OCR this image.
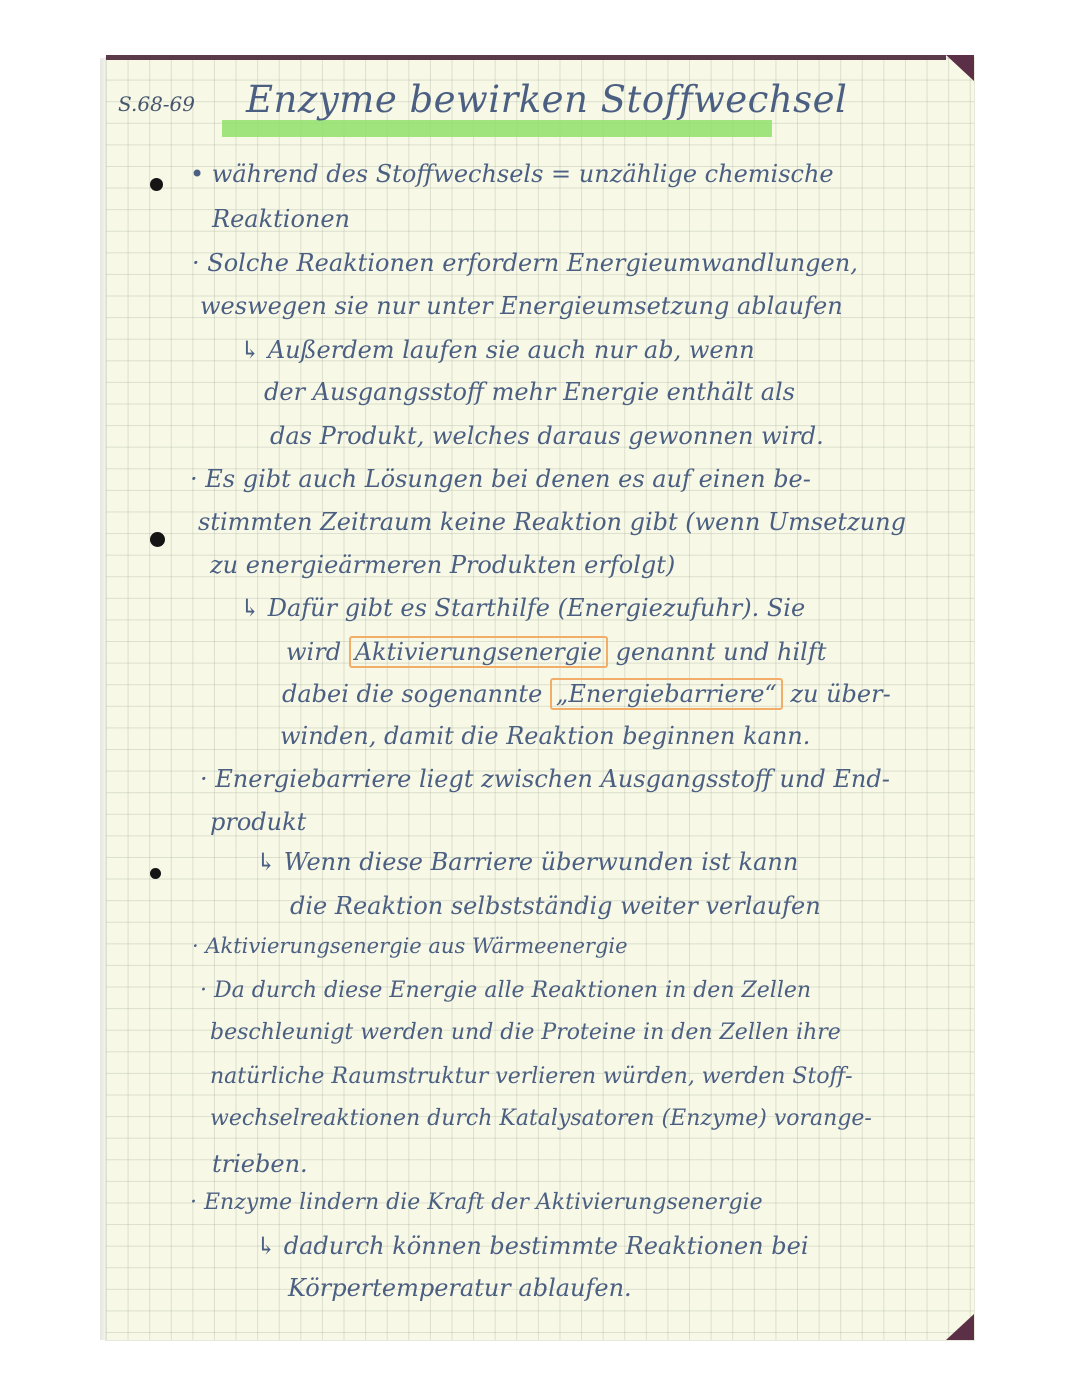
S.68-69 Enzyme bewirken Stoffwechsel
• während des Stoffwechsels = unzählige chemische
Reaktionen
· Solche Reaktionen erfordern Energieumwandlungen,
weswegen sie nur unter Energieumsetzung ablaufen
↳ Außerdem laufen sie auch nur ab, wenn
der Ausgangsstoff mehr Energie enthält als
das Produkt, welches daraus gewonnen wird.
· Es gibt auch Lösungen bei denen es auf einen be-
stimmten Zeitraum keine Reaktion gibt (wenn Umsetzung
zu energieärmeren Produkten erfolgt)
↳ Dafür gibt es Starthilfe (Energiezufuhr). Sie
wird Aktivierungsenergie genannt und hilft
dabei die sogenannte „Energiebarriere“ zu über-
winden, damit die Reaktion beginnen kann.
· Energiebarriere liegt zwischen Ausgangsstoff und End-
produkt
↳ Wenn diese Barriere überwunden ist kann
die Reaktion selbstständig weiter verlaufen
· Aktivierungsenergie aus Wärmeenergie
· Da durch diese Energie alle Reaktionen in den Zellen
beschleunigt werden und die Proteine in den Zellen ihre
natürliche Raumstruktur verlieren würden, werden Stoff-
wechselreaktionen durch Katalysatoren (Enzyme) vorange-
trieben.
· Enzyme lindern die Kraft der Aktivierungsenergie
↳ dadurch können bestimmte Reaktionen bei
Körpertemperatur ablaufen.
